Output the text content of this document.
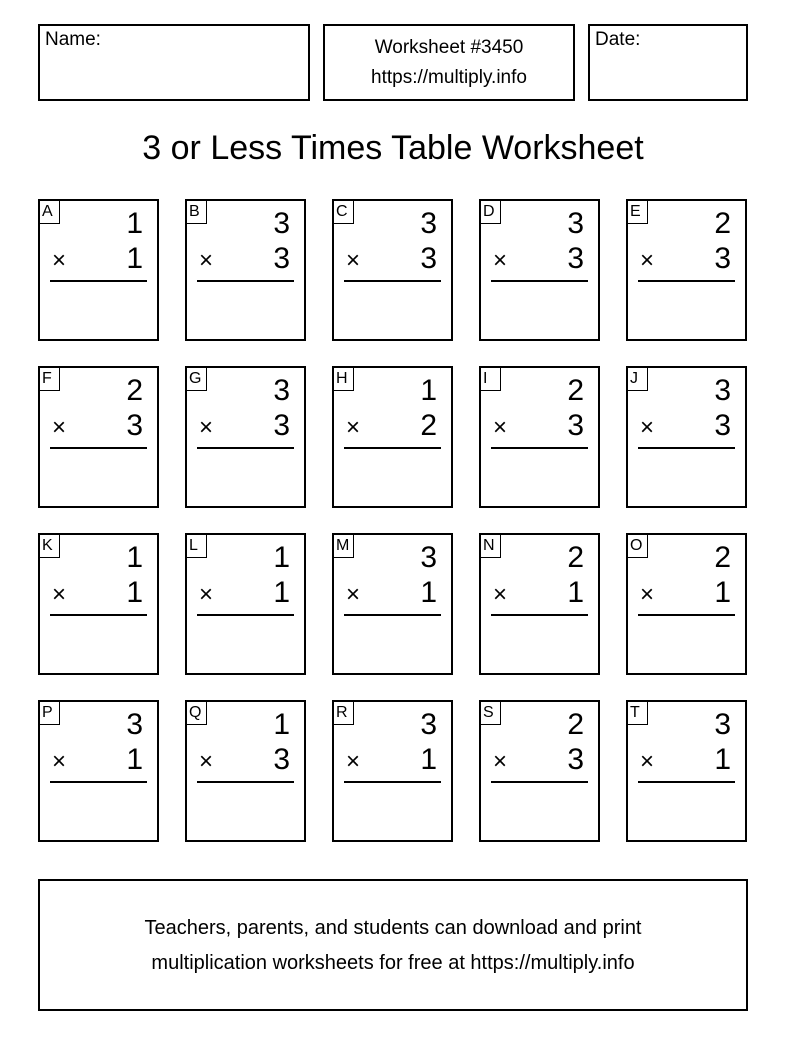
Name:	Worksheet #3450
https://multiply.info
Date:
3 or Less Times Table Worksheet
A 1
× 1
B 3
× 3
C 3
× 3
D 3
× 3
E 2
× 3
F 2
× 3
G 3
× 3
H 1
× 2
I	2
× 3
J	3
× 3
K 1
× 1
L	1
× 1
M 3
× 1
N 2
× 1
O 2
× 1
P 3
× 1
Q 1
× 3
R 3
× 1
S 2
× 3
T 3
× 1
Teachers, parents, and students can download and print
multiplication worksheets for free at https://multiply.info
